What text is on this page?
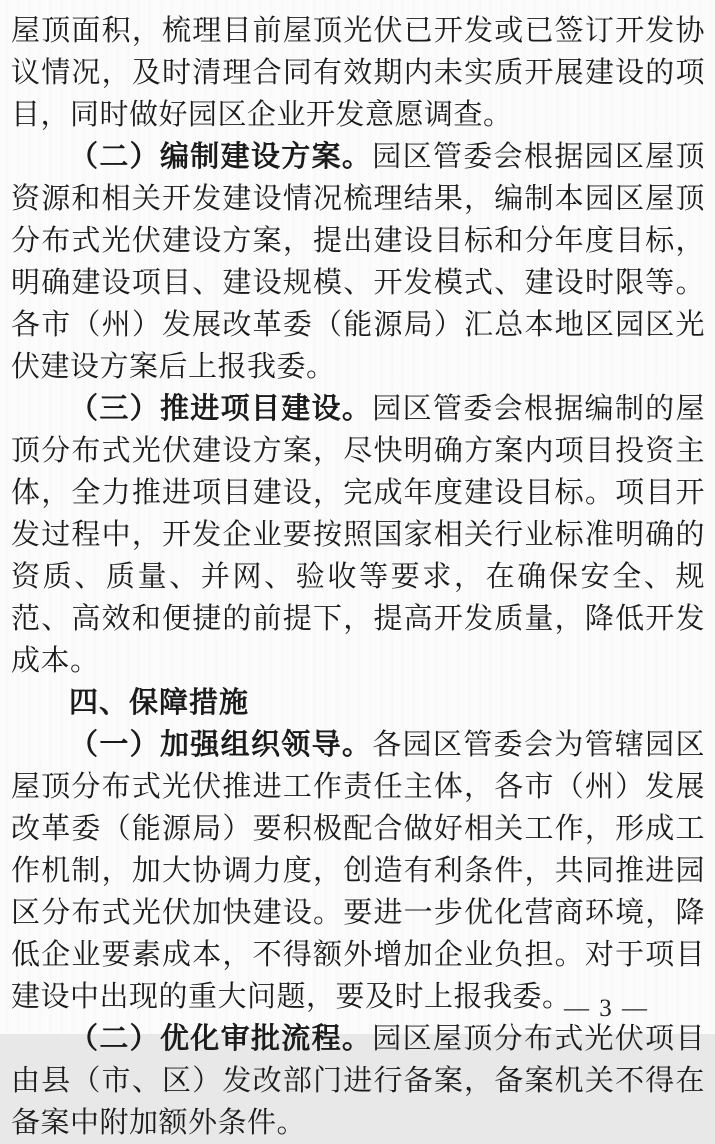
屋顶面积，梳理目前屋顶光伏已开发或已签订开发协议情况，及时清理合同有效期内未实质开展建设的项目，同时做好园区企业开发意愿调查。

（二）编制建设方案。园区管委会根据园区屋顶资源和相关开发建设情况梳理结果，编制本园区屋顶分布式光伏建设方案，提出建设目标和分年度目标，明确建设项目、建设规模、开发模式、建设时限等。各市（州）发展改革委（能源局）汇总本地区园区光伏建设方案后上报我委。

（三）推进项目建设。园区管委会根据编制的屋顶分布式光伏建设方案，尽快明确方案内项目投资主体，全力推进项目建设，完成年度建设目标。项目开发过程中，开发企业要按照国家相关行业标准明确的资质、质量、并网、验收等要求，在确保安全、规范、高效和便捷的前提下，提高开发质量，降低开发成本。

四、保障措施

（一）加强组织领导。各园区管委会为管辖园区屋顶分布式光伏推进工作责任主体，各市（州）发展改革委（能源局）要积极配合做好相关工作，形成工作机制，加大协调力度，创造有利条件，共同推进园区分布式光伏加快建设。要进一步优化营商环境，降低企业要素成本，不得额外增加企业负担。对于项目建设中出现的重大问题，要及时上报我委。

（二）优化审批流程。园区屋顶分布式光伏项目由县（市、区）发改部门进行备案，备案机关不得在备案中附加额外条件。

— 3 —
